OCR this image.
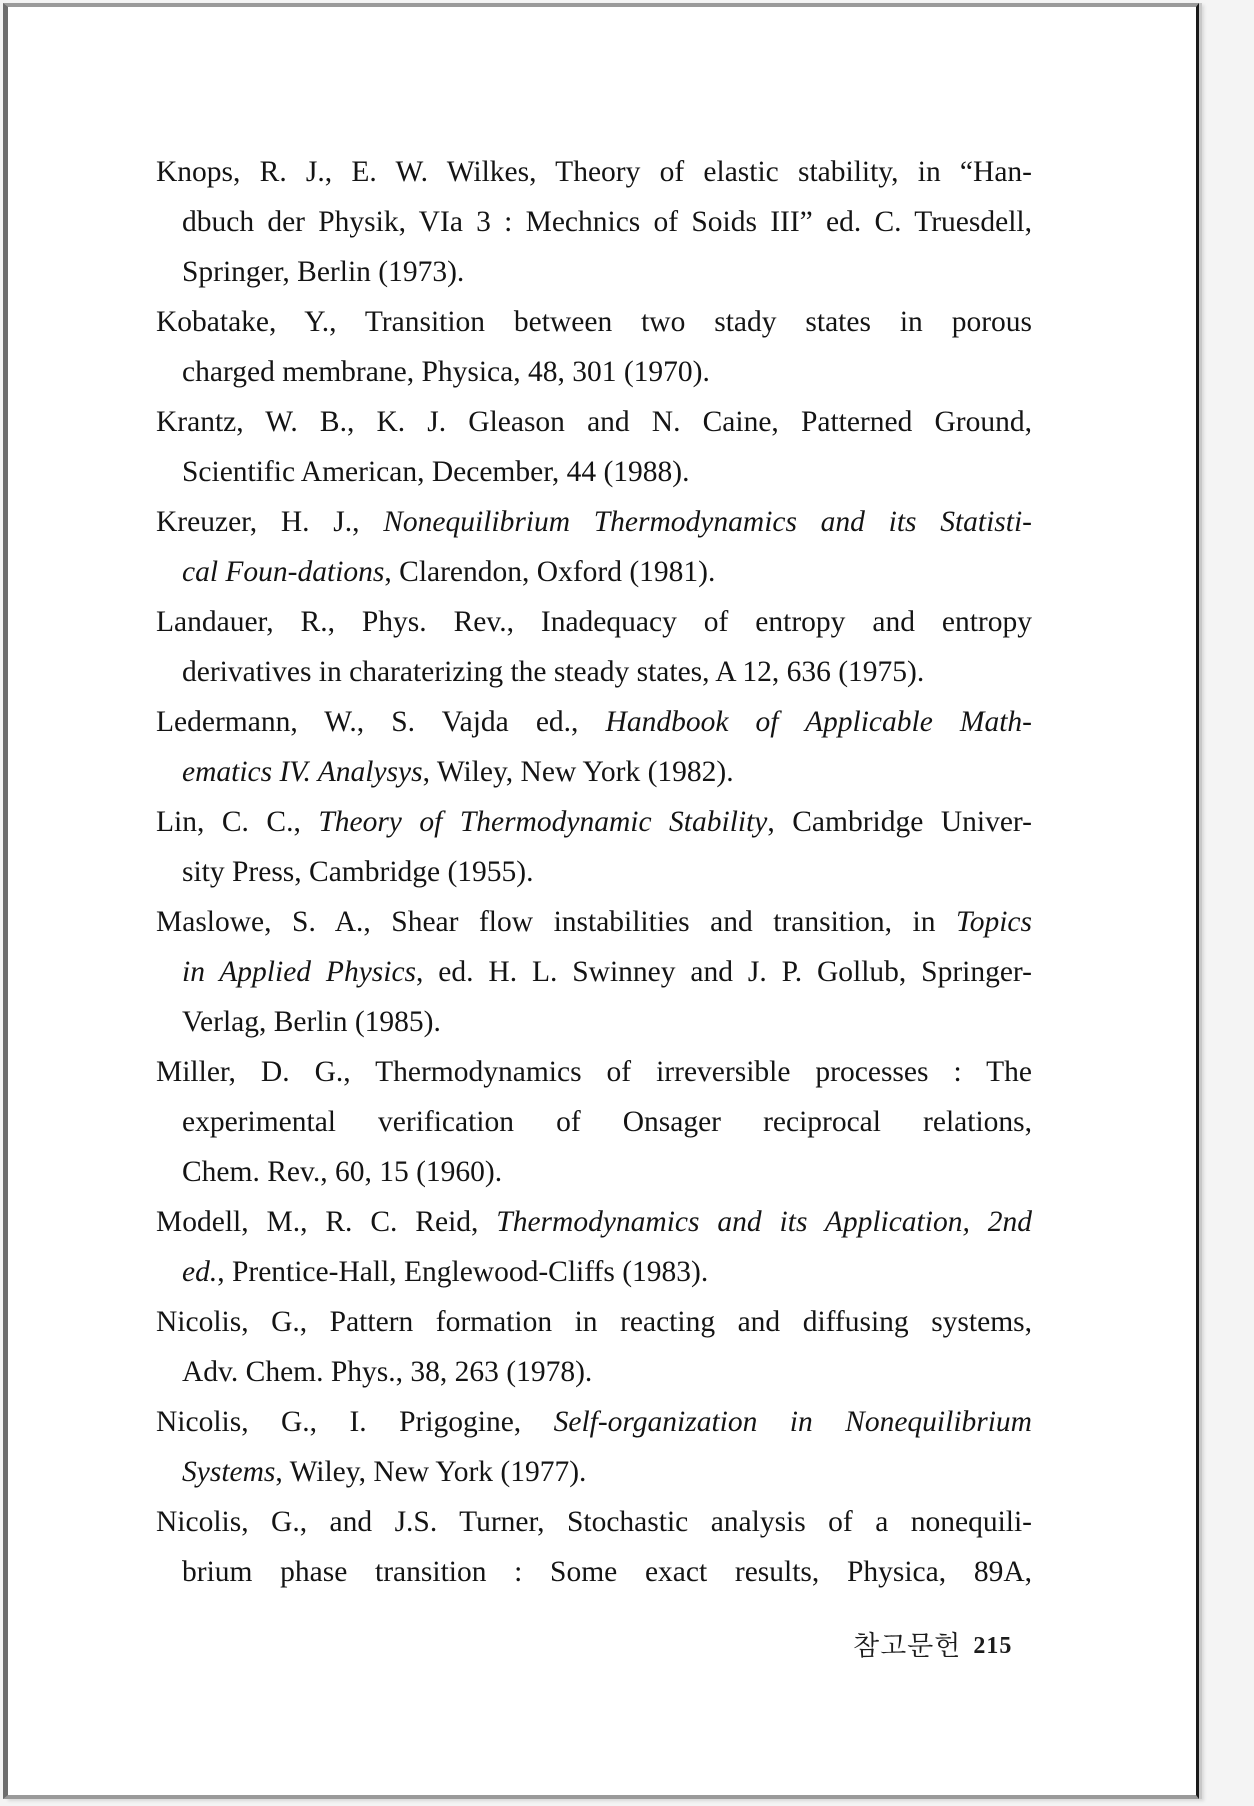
Knops, R. J., E. W. Wilkes, Theory of elastic stability, in “Han-
dbuch der Physik, VIa 3 : Mechnics of Soids III” ed. C. Truesdell,
Springer, Berlin (1973).
Kobatake, Y., Transition between two stady states in porous
charged membrane, Physica, 48, 301 (1970).
Krantz, W. B., K. J. Gleason and N. Caine, Patterned Ground,
Scientific American, December, 44 (1988).
Kreuzer, H. J., Nonequilibrium Thermodynamics and its Statisti-
cal Foun-dations, Clarendon, Oxford (1981).
Landauer, R., Phys. Rev., Inadequacy of entropy and entropy
derivatives in charaterizing the steady states, A 12, 636 (1975).
Ledermann, W., S. Vajda ed., Handbook of Applicable Math-
ematics IV. Analysys, Wiley, New York (1982).
Lin, C. C., Theory of Thermodynamic Stability, Cambridge Univer-
sity Press, Cambridge (1955).
Maslowe, S. A., Shear flow instabilities and transition, in Topics
in Applied Physics, ed. H. L. Swinney and J. P. Gollub, Springer-
Verlag, Berlin (1985).
Miller, D. G., Thermodynamics of irreversible processes : The
experimental verification of Onsager reciprocal relations,
Chem. Rev., 60, 15 (1960).
Modell, M., R. C. Reid, Thermodynamics and its Application, 2nd
ed., Prentice-Hall, Englewood-Cliffs (1983).
Nicolis, G., Pattern formation in reacting and diffusing systems,
Adv. Chem. Phys., 38, 263 (1978).
Nicolis, G., I. Prigogine, Self-organization in Nonequilibrium
Systems, Wiley, New York (1977).
Nicolis, G., and J.S. Turner, Stochastic analysis of a nonequili-
brium phase transition : Some exact results, Physica, 89A,
참고문헌 215
